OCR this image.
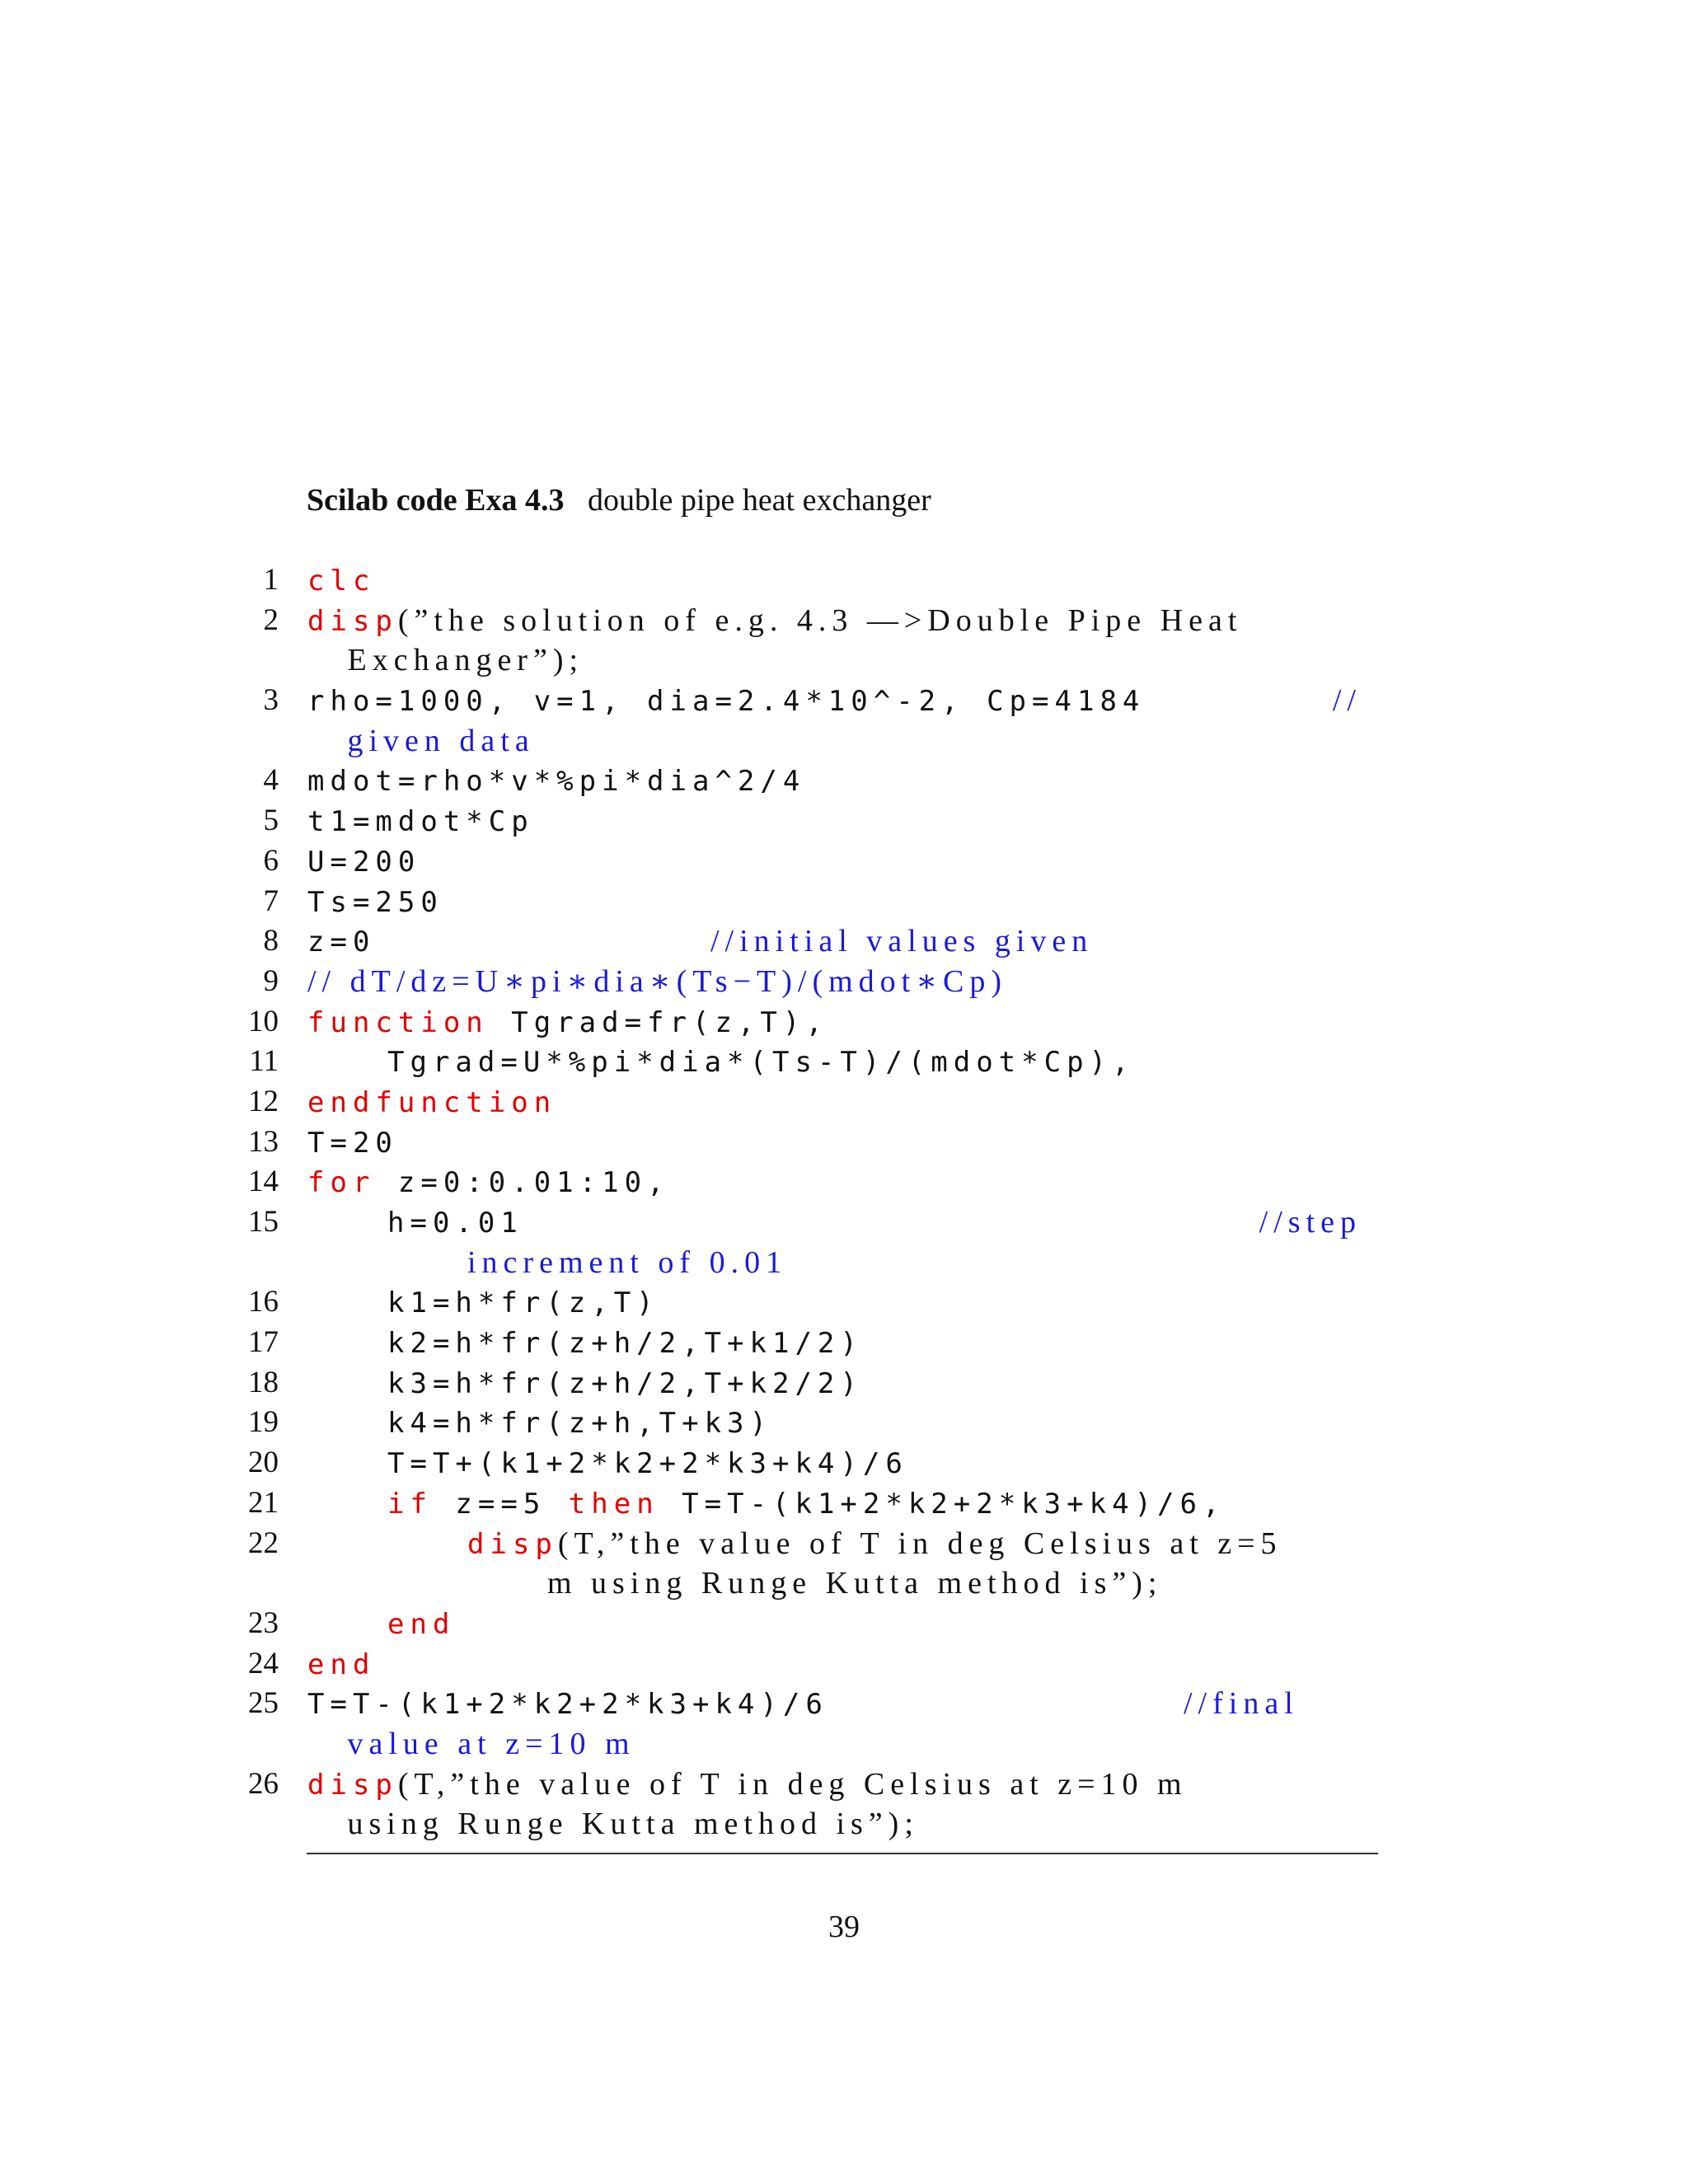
Scilab code Exa 4.3 double pipe heat exchanger
1 clc
2 disp(”the solution of e.g. 4.3 —>Double Pipe Heat
Exchanger”);
3 rho=1000, v=1, dia=2.4*10^-2, Cp=4184	//
given data
4 mdot=rho*v*%pi*dia^2/4
5 t1=mdot*Cp
6 U=200
7 Ts=250
8 z=0	//initial values given
9 // dT/dz=U∗pi∗dia∗(Ts−T)/(mdot∗Cp)
10 function Tgrad=fr(z,T),
11	Tgrad=U*%pi*dia*(Ts-T)/(mdot*Cp),
12 endfunction
13 T=20
14 for z=0:0.01:10,
15	h=0.01	//step
increment of 0.01
16	k1=h*fr(z,T)
17	k2=h*fr(z+h/2,T+k1/2)
18	k3=h*fr(z+h/2,T+k2/2)
19	k4=h*fr(z+h,T+k3)
20	T=T+(k1+2*k2+2*k3+k4)/6
21	if z==5 then T=T-(k1+2*k2+2*k3+k4)/6,
22	disp(T,”the value of T in deg Celsius at z=5
m using Runge Kutta method is”);
23	end
24 end
25 T=T-(k1+2*k2+2*k3+k4)/6	//final
value at z=10 m
26 disp(T,”the value of T in deg Celsius at z=10 m
using Runge Kutta method is”);
39
